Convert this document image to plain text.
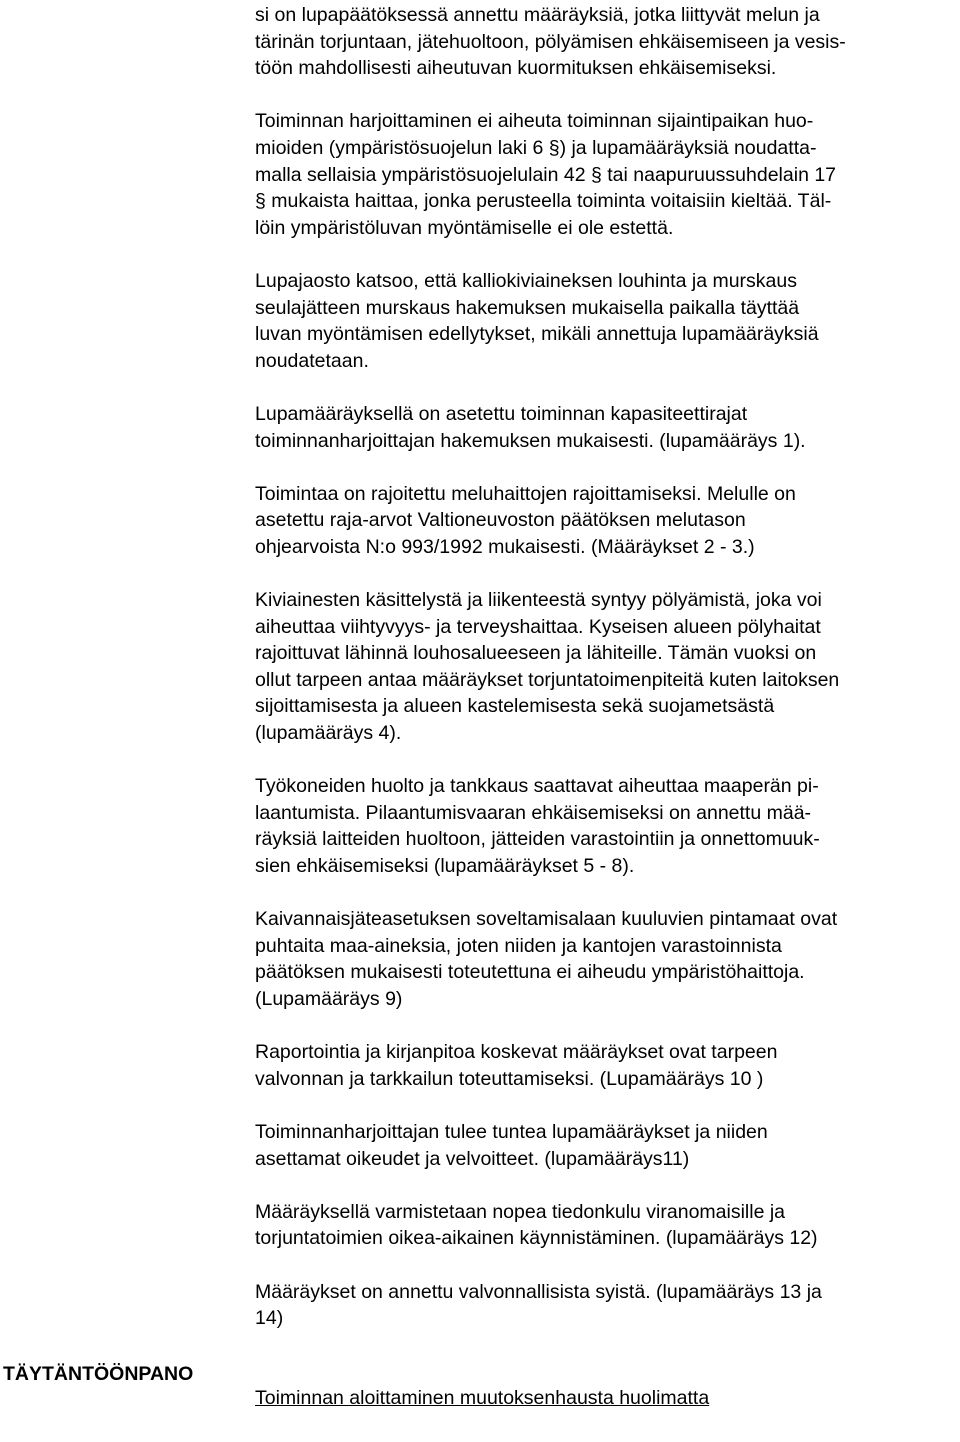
si on lupapäätöksessä annettu määräyksiä, jotka liittyvät melun ja
tärinän torjuntaan, jätehuoltoon, pölyämisen ehkäisemiseen ja vesis-
töön mahdollisesti aiheutuvan kuormituksen ehkäisemiseksi.

Toiminnan harjoittaminen ei aiheuta toiminnan sijaintipaikan huo-
mioiden (ympäristösuojelun laki 6 §) ja lupamääräyksiä noudatta-
malla sellaisia ympäristösuojelulain 42 § tai naapuruussuhdelain 17
§ mukaista haittaa, jonka perusteella toiminta voitaisiin kieltää. Täl-
löin ympäristöluvan myöntämiselle ei ole estettä.

Lupajaosto katsoo, että kalliokiviaineksen louhinta ja murskaus
seulajätteen murskaus hakemuksen mukaisella paikalla täyttää
luvan myöntämisen edellytykset, mikäli annettuja lupamääräyksiä
noudatetaan.

Lupamääräyksellä on asetettu toiminnan kapasiteettirajat
toiminnanharjoittajan hakemuksen mukaisesti. (lupamääräys 1).

Toimintaa on rajoitettu meluhaittojen rajoittamiseksi. Melulle on
asetettu raja-arvot Valtioneuvoston päätöksen melutason
ohjearvoista N:o 993/1992 mukaisesti. (Määräykset 2 - 3.)

Kiviainesten käsittelystä ja liikenteestä syntyy pölyämistä, joka voi
aiheuttaa viihtyvyys- ja terveyshaittaa. Kyseisen alueen pölyhaitat
rajoittuvat lähinnä louhosalueeseen ja lähiteille. Tämän vuoksi on
ollut tarpeen antaa määräykset torjuntatoimenpiteitä kuten laitoksen
sijoittamisesta ja alueen kastelemisesta sekä suojametsästä
(lupamääräys 4).

Työkoneiden huolto ja tankkaus saattavat aiheuttaa maaperän pi-
laantumista. Pilaantumisvaaran ehkäisemiseksi on annettu mää-
räyksiä laitteiden huoltoon, jätteiden varastointiin ja onnettomuuk-
sien ehkäisemiseksi (lupamääräykset 5 - 8).

Kaivannaisjäteasetuksen soveltamisalaan kuuluvien pintamaat ovat
puhtaita maa-aineksia, joten niiden ja kantojen varastoinnista
päätöksen mukaisesti toteutettuna ei aiheudu ympäristöhaittoja.
(Lupamääräys 9)

Raportointia ja kirjanpitoa koskevat määräykset ovat tarpeen
valvonnan ja tarkkailun toteuttamiseksi. (Lupamääräys 10 )

Toiminnanharjoittajan tulee tuntea lupamääräykset ja niiden
asettamat oikeudet ja velvoitteet. (lupamääräys11)

Määräyksellä varmistetaan nopea tiedonkulu viranomaisille ja
torjuntatoimien oikea-aikainen käynnistäminen. (lupamääräys 12)

Määräykset on annettu valvonnallisista syistä. (lupamääräys 13 ja
14)

Toiminnan aloittaminen muutoksenhausta huolimatta

TÄYTÄNTÖÖNPANO
